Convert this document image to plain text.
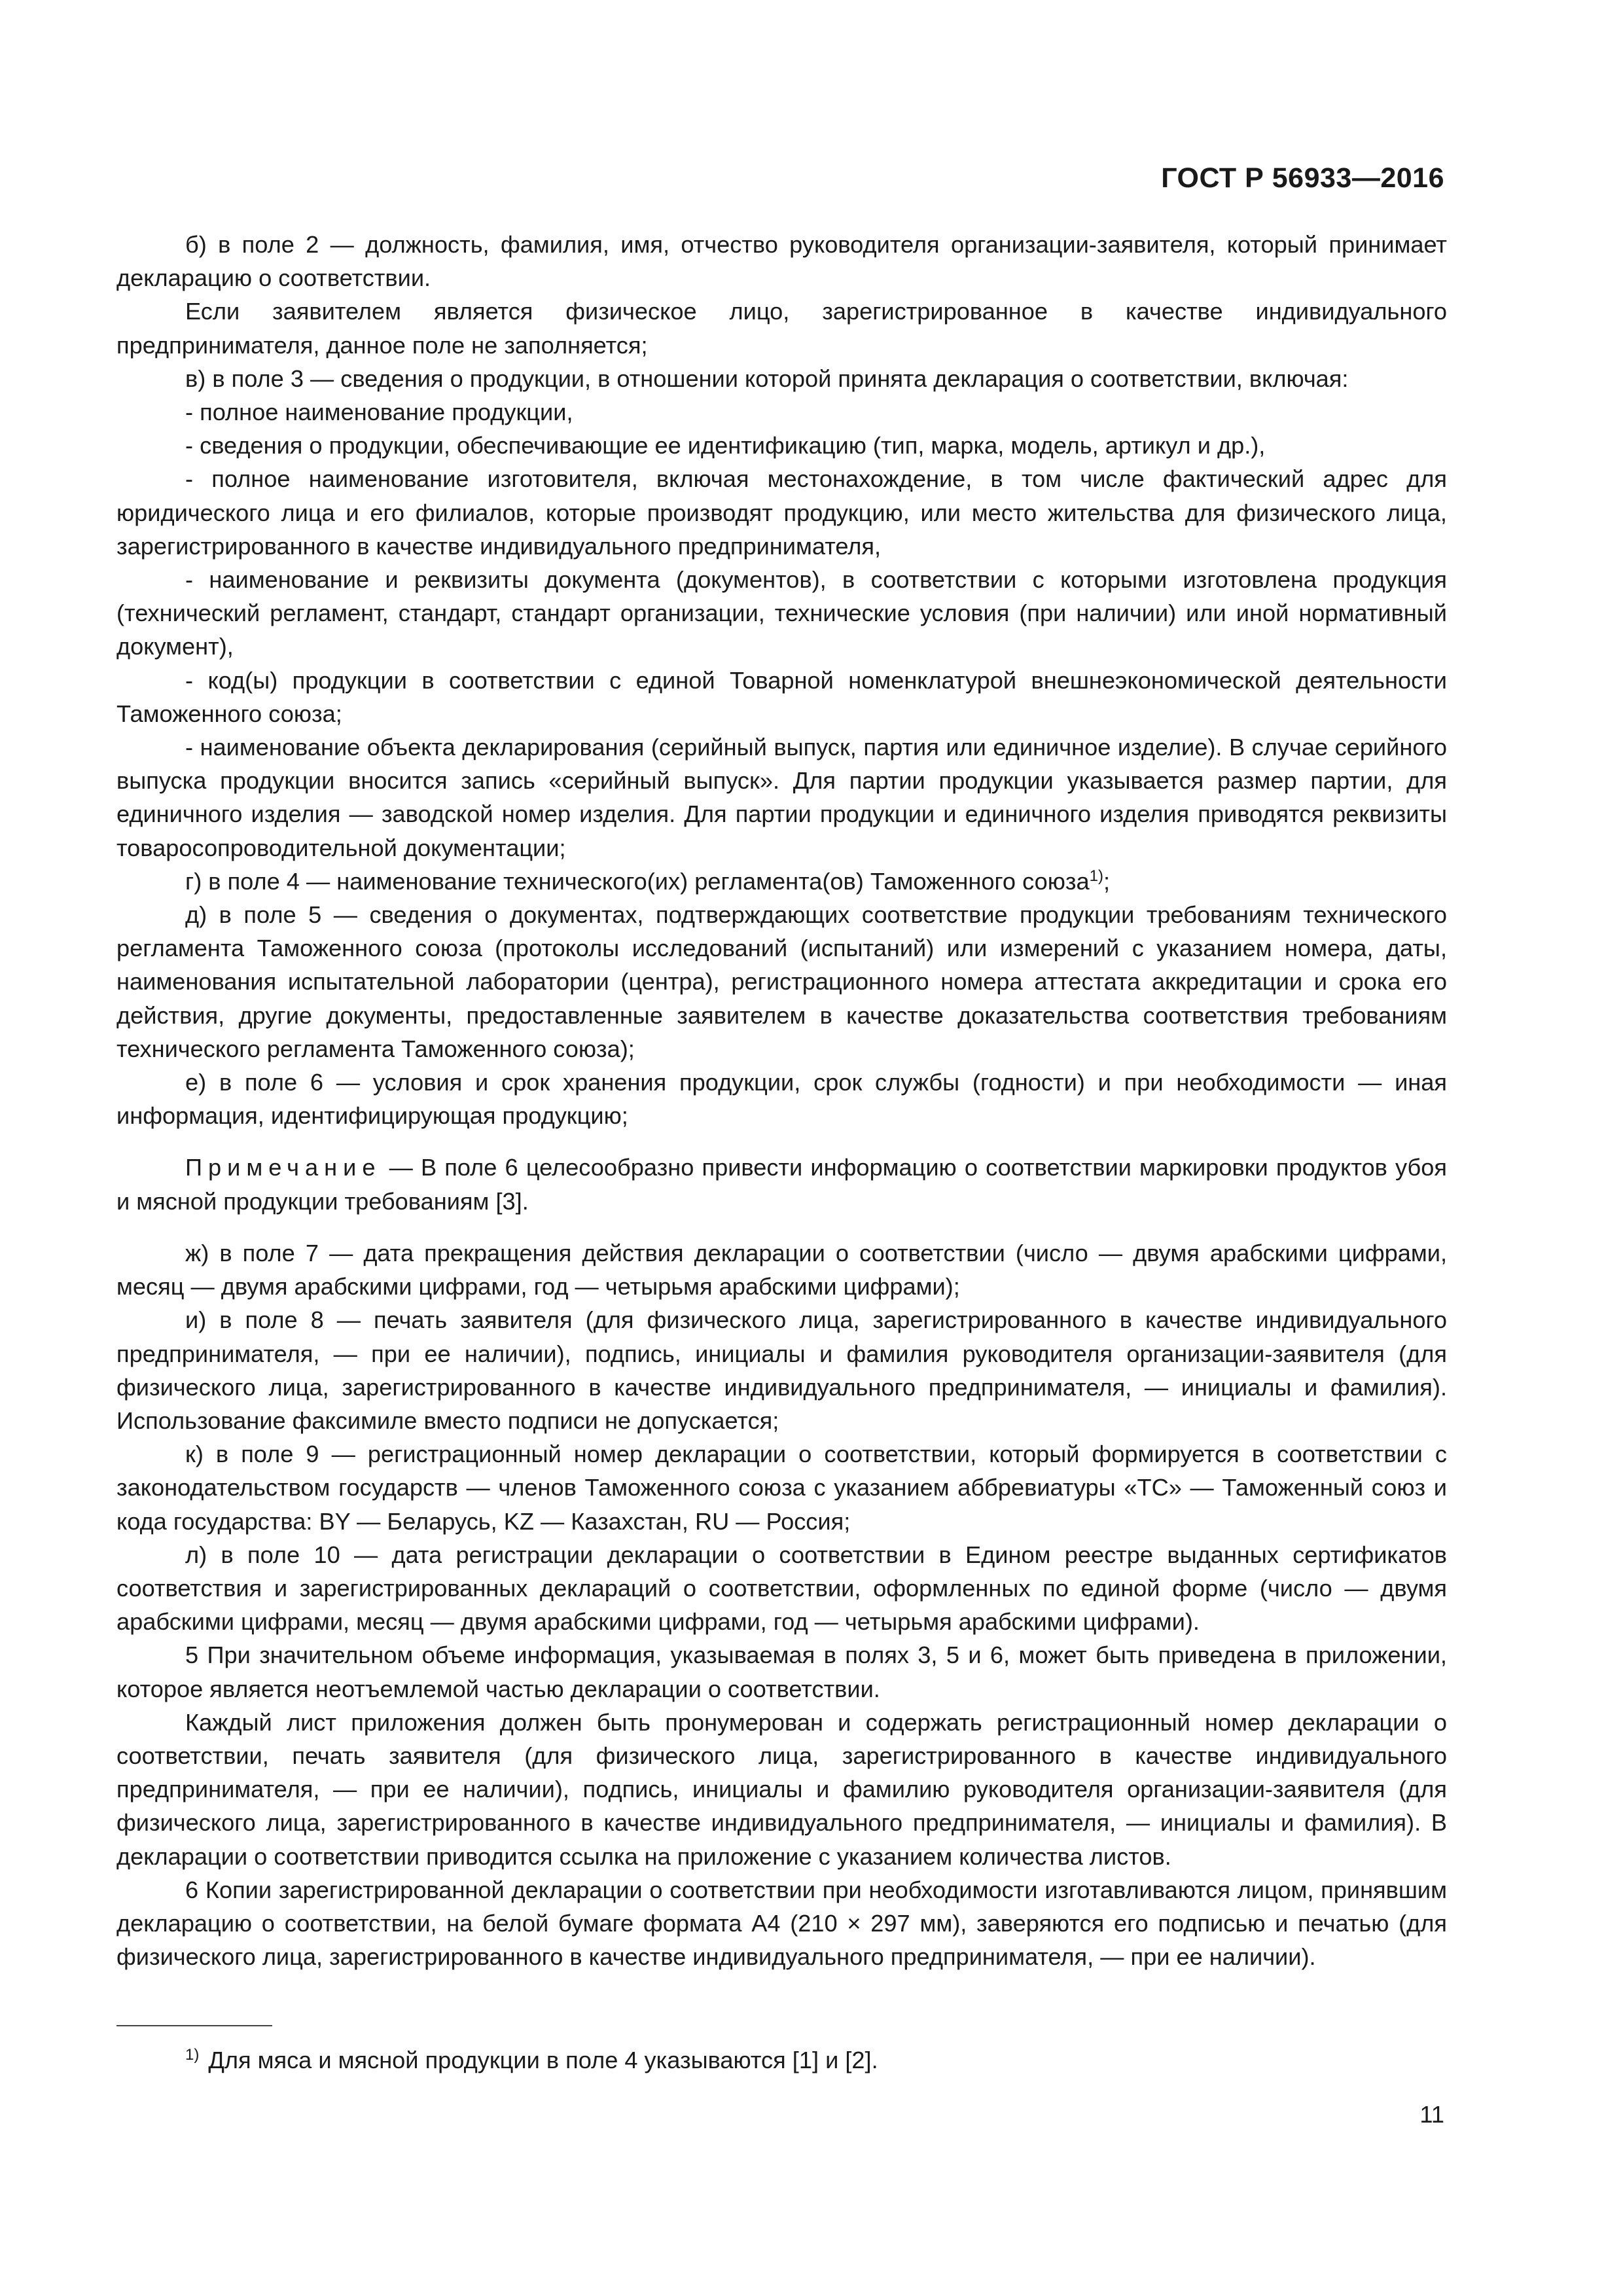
ГОСТ Р 56933—2016

б) в поле 2 — должность, фамилия, имя, отчество руководителя организации-заявителя, который принимает декларацию о соответствии.

Если заявителем является физическое лицо, зарегистрированное в качестве индивидуального предпринимателя, данное поле не заполняется;

в) в поле 3 — сведения о продукции, в отношении которой принята декларация о соответствии, включая:

- полное наименование продукции,

- сведения о продукции, обеспечивающие ее идентификацию (тип, марка, модель, артикул и др.),

- полное наименование изготовителя, включая местонахождение, в том числе фактический адрес для юридического лица и его филиалов, которые производят продукцию, или место жительства для физического лица, зарегистрированного в качестве индивидуального предпринимателя,

- наименование и реквизиты документа (документов), в соответствии с которыми изготовлена продукция (технический регламент, стандарт, стандарт организации, технические условия (при наличии) или иной нормативный документ),

- код(ы) продукции в соответствии с единой Товарной номенклатурой внешнеэкономической деятельности Таможенного союза;

- наименование объекта декларирования (серийный выпуск, партия или единичное изделие). В случае серийного выпуска продукции вносится запись «серийный выпуск». Для партии продукции указывается размер партии, для единичного изделия — заводской номер изделия. Для партии продукции и единичного изделия приводятся реквизиты товаросопроводительной документации;

г) в поле 4 — наименование технического(их) регламента(ов) Таможенного союза$^{1)}$;

д) в поле 5 — сведения о документах, подтверждающих соответствие продукции требованиям технического регламента Таможенного союза (протоколы исследований (испытаний) или измерений с указанием номера, даты, наименования испытательной лаборатории (центра), регистрационного номера аттестата аккредитации и срока его действия, другие документы, предоставленные заявителем в качестве доказательства соответствия требованиям технического регламента Таможенного союза);

е) в поле 6 — условия и срок хранения продукции, срок службы (годности) и при необходимости — иная информация, идентифицирующая продукцию;

Примечание — В поле 6 целесообразно привести информацию о соответствии маркировки продуктов убоя и мясной продукции требованиям [3].

ж) в поле 7 — дата прекращения действия декларации о соответствии (число — двумя арабскими цифрами, месяц — двумя арабскими цифрами, год — четырьмя арабскими цифрами);

и) в поле 8 — печать заявителя (для физического лица, зарегистрированного в качестве индивидуального предпринимателя, — при ее наличии), подпись, инициалы и фамилия руководителя организации-заявителя (для физического лица, зарегистрированного в качестве индивидуального предпринимателя, — инициалы и фамилия). Использование факсимиле вместо подписи не допускается;

к) в поле 9 — регистрационный номер декларации о соответствии, который формируется в соответствии с законодательством государств — членов Таможенного союза с указанием аббревиатуры «ТС» — Таможенный союз и кода государства: BY — Беларусь, KZ — Казахстан, RU — Россия;

л) в поле 10 — дата регистрации декларации о соответствии в Едином реестре выданных сертификатов соответствия и зарегистрированных деклараций о соответствии, оформленных по единой форме (число — двумя арабскими цифрами, месяц — двумя арабскими цифрами, год — четырьмя арабскими цифрами).

5 При значительном объеме информация, указываемая в полях 3, 5 и 6, может быть приведена в приложении, которое является неотъемлемой частью декларации о соответствии.

Каждый лист приложения должен быть пронумерован и содержать регистрационный номер декларации о соответствии, печать заявителя (для физического лица, зарегистрированного в качестве индивидуального предпринимателя, — при ее наличии), подпись, инициалы и фамилию руководителя организации-заявителя (для физического лица, зарегистрированного в качестве индивидуального предпринимателя, — инициалы и фамилия). В декларации о соответствии приводится ссылка на приложение с указанием количества листов.

6 Копии зарегистрированной декларации о соответствии при необходимости изготавливаются лицом, принявшим декларацию о соответствии, на белой бумаге формата А4 (210 × 297 мм), заверяются его подписью и печатью (для физического лица, зарегистрированного в качестве индивидуального предпринимателя, — при ее наличии).

$^{1)}$ Для мяса и мясной продукции в поле 4 указываются [1] и [2].
11
